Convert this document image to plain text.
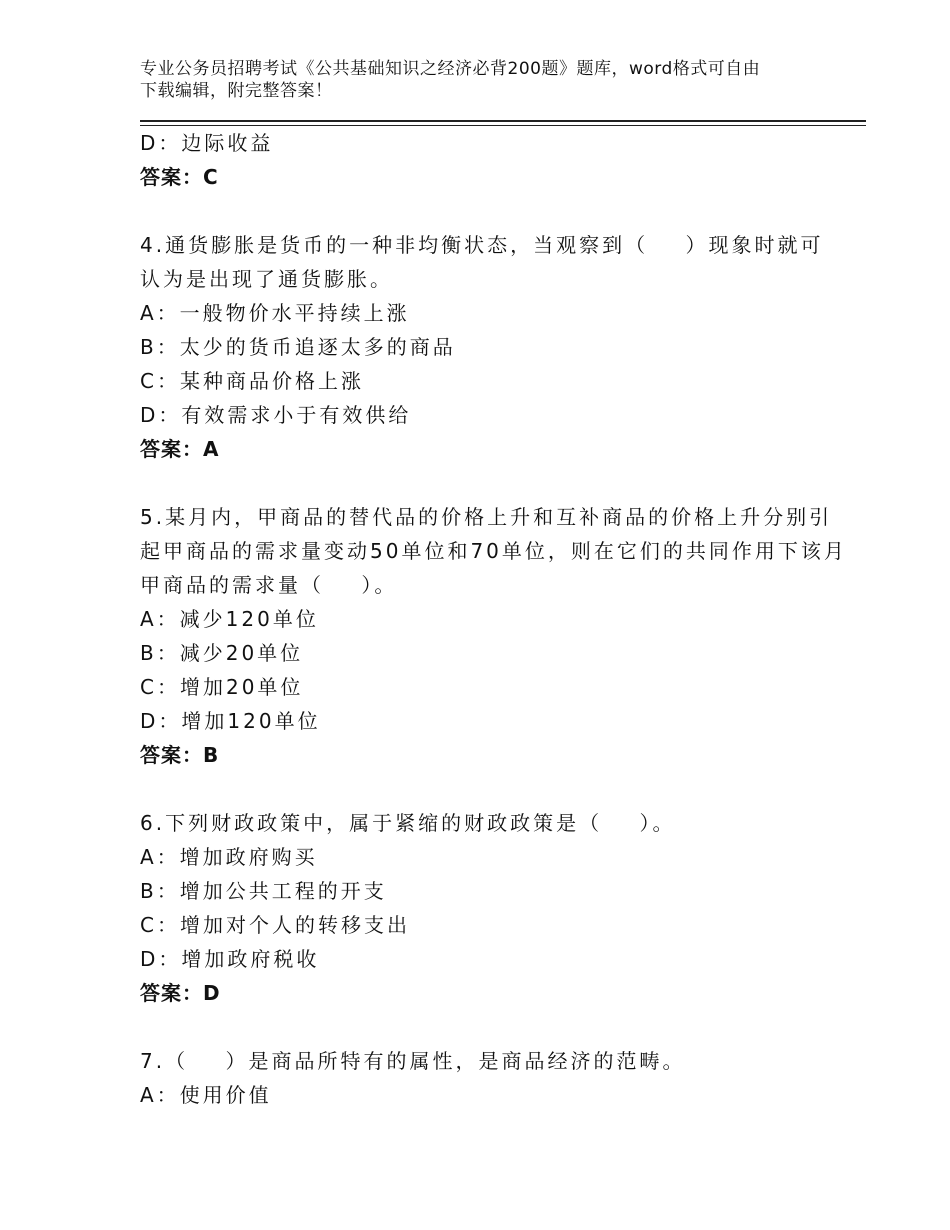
专业公务员招聘考试《公共基础知识之经济必背200题》题库，word格式可自由
下载编辑，附完整答案！
D：边际收益
答案：C
4.通货膨胀是货币的一种非均衡状态，当观察到（    ）现象时就可
认为是出现了通货膨胀。
A：一般物价水平持续上涨
B：太少的货币追逐太多的商品
C：某种商品价格上涨
D：有效需求小于有效供给
答案：A
5.某月内，甲商品的替代品的价格上升和互补商品的价格上升分别引
起甲商品的需求量变动50单位和70单位，则在它们的共同作用下该月
甲商品的需求量（    ）。
A：减少120单位
B：减少20单位
C：增加20单位
D：增加120单位
答案：B
6.下列财政政策中，属于紧缩的财政政策是（    ）。
A：增加政府购买
B：增加公共工程的开支
C：增加对个人的转移支出
D：增加政府税收
答案：D
7.（    ）是商品所特有的属性，是商品经济的范畴。
A：使用价值
